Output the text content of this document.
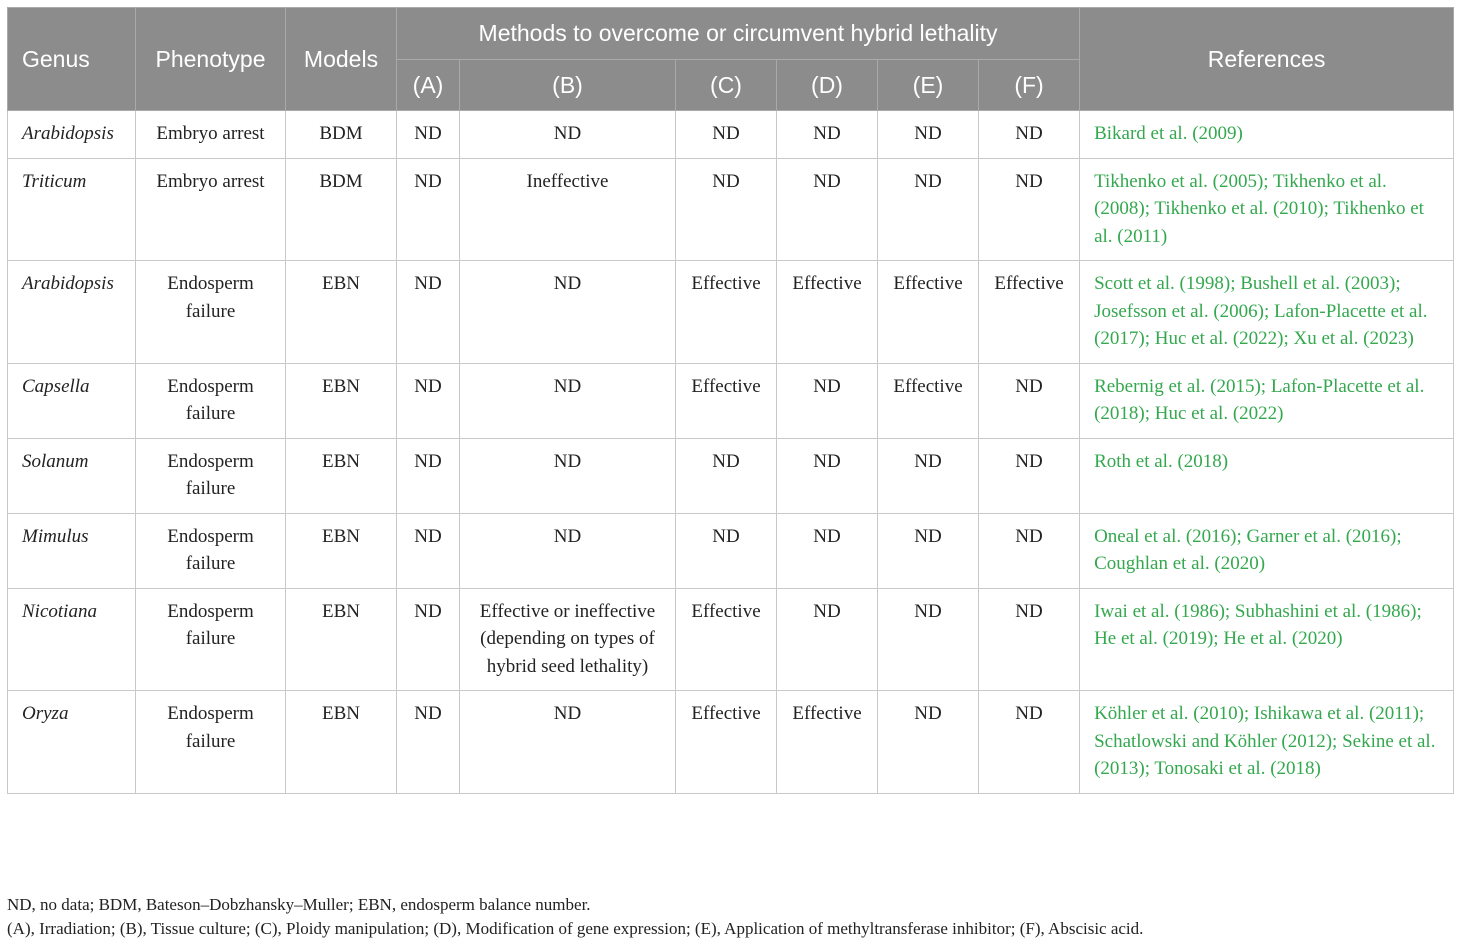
Genus	Phenotype	Models	Methods to overcome or circumvent hybrid lethality						References
			(A)	(B)	(C)	(D)	(E)	(F)	
Arabidopsis	Embryo arrest	BDM	ND	ND	ND	ND	ND	ND	Bikard et al. (2009)

Triticum	Embryo arrest	BDM	ND	Ineffective	ND	ND	ND	ND	Tikhenko et al. (2005); Tikhenko et al. (2008); Tikhenko et al. (2010); Tikhenko et al. (2011)

Arabidopsis	Endosperm failure	EBN	ND	ND	Effective	Effective	Effective	Effective	Scott et al. (1998); Bushell et al. (2003); Josefsson et al. (2006); Lafon-Placette et al. (2017); Huc et al. (2022); Xu et al. (2023)

Capsella	Endosperm failure	EBN	ND	ND	Effective	ND	Effective	ND	Rebernig et al. (2015); Lafon-Placette et al. (2018); Huc et al. (2022)

Solanum	Endosperm failure	EBN	ND	ND	ND	ND	ND	ND	Roth et al. (2018)

Mimulus	Endosperm failure	EBN	ND	ND	ND	ND	ND	ND	Oneal et al. (2016); Garner et al. (2016); Coughlan et al. (2020)

Nicotiana	Endosperm failure	EBN	ND	Effective or ineffective (depending on types of hybrid seed lethality)	Effective	ND	ND	ND	Iwai et al. (1986); Subhashini et al. (1986);
He et al. (2019); He et al. (2020)

Oryza	Endosperm failure	EBN	ND	ND	Effective	Effective	ND	ND	Köhler et al. (2010); Ishikawa et al. (2011); Schatlowski and Köhler (2012); Sekine et al. (2013); Tonosaki et al. (2018)
ND, no data; BDM, Bateson–Dobzhansky–Muller; EBN, endosperm balance number.
(A), Irradiation; (B), Tissue culture; (C), Ploidy manipulation; (D), Modification of gene expression; (E), Application of methyltransferase inhibitor; (F), Abscisic acid.
